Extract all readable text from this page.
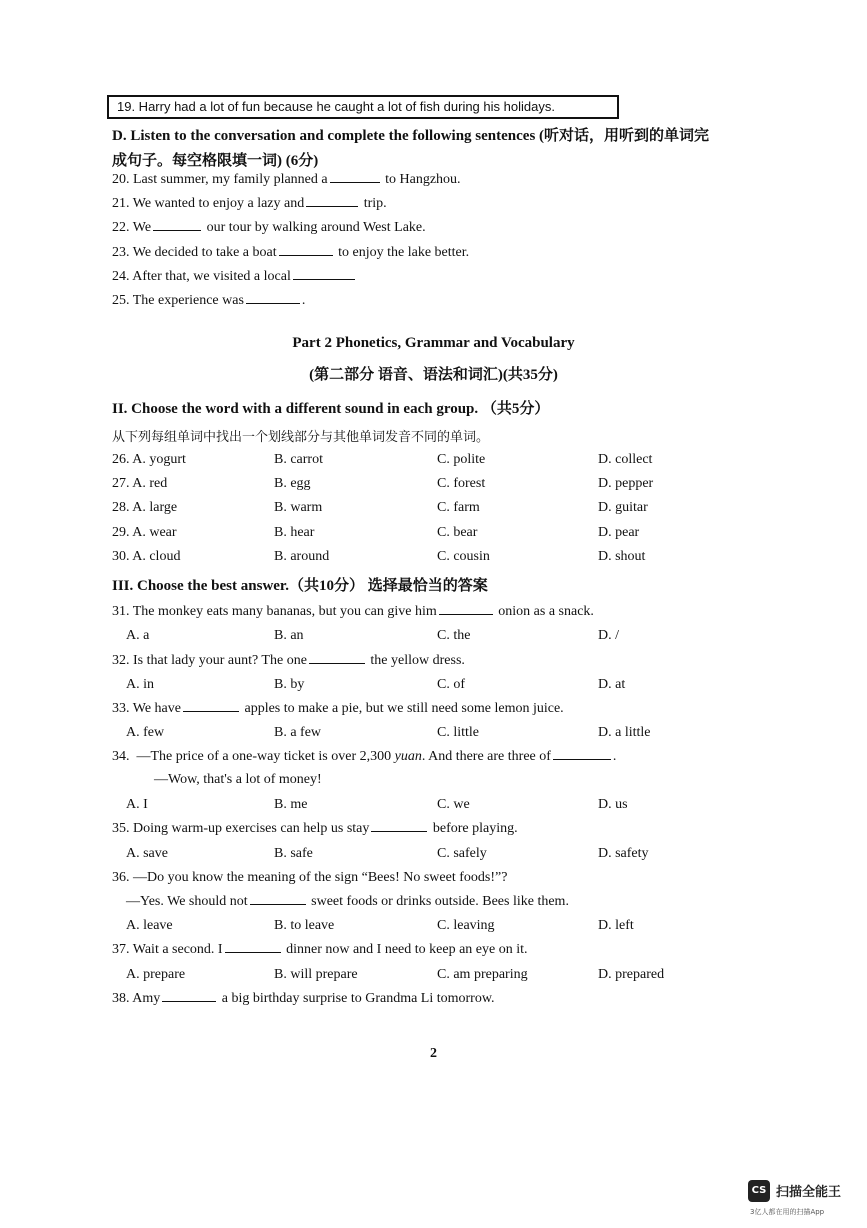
19. Harry had a lot of fun because he caught a lot of fish during his holidays.
D. Listen to the conversation and complete the following sentences (听对话，用听到的单词完
成句子。每空格限填一词) (6分)
20. Last summer, my family planned a	to Hangzhou.
21. We wanted to enjoy a lazy and	trip.
22. We	our tour by walking around West Lake.
23. We decided to take a boat	to enjoy the lake better.
24. After that, we visited a local
25. The experience was	.
Part 2 Phonetics, Grammar and Vocabulary
(第二部分 语音、语法和词汇)(共35分)
II. Choose the word with a different sound in each group. （共5分）
从下列每组单词中找出一个划线部分与其他单词发音不同的单词。
26. A. yogurt	B. carrot	C. polite	D. collect
27. A. red	B. egg	C. forest	D. pepper
28. A. large	B. warm	C. farm	D. guitar
29. A. wear	B. hear	C. bear	D. pear
30. A. cloud	B. around	C. cousin	D. shout
III. Choose the best answer.（共10分） 选择最恰当的答案
31. The monkey eats many bananas, but you can give him	onion as a snack.
A. a	B. an	C. the	D. /
32. Is that lady your aunt? The one	the yellow dress.
A. in	B. by	C. of	D. at
33. We have	apples to make a pie, but we still need some lemon juice.
A. few	B. a few	C. little	D. a little
34. —The price of a one-way ticket is over 2,300 yuan. And there are three of	.
—Wow, that's a lot of money!
A. I	B. me	C. we	D. us
35. Doing warm-up exercises can help us stay	before playing.
A. save	B. safe	C. safely	D. safety
36. —Do you know the meaning of the sign “Bees! No sweet foods!”?
—Yes. We should not	sweet foods or drinks outside. Bees like them.
A. leave	B. to leave	C. leaving	D. left
37. Wait a second. I	dinner now and I need to keep an eye on it.
A. prepare	B. will prepare	C. am preparing	D. prepared
38. Amy	a big birthday surprise to Grandma Li tomorrow.
2
CS 扫描全能王
3亿人都在用的扫描App
